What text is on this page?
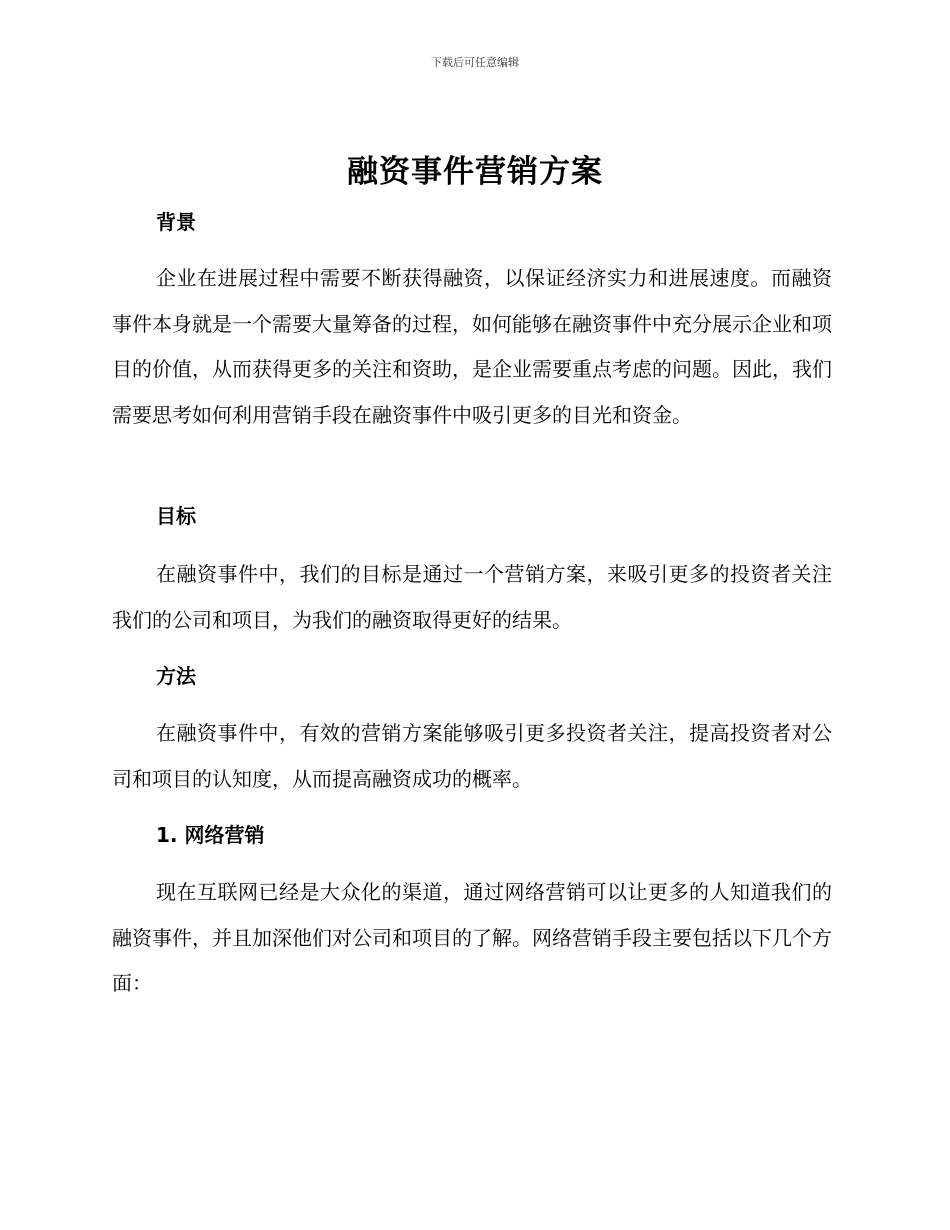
下载后可任意编辑
融资事件营销方案
背景

企业在进展过程中需要不断获得融资，以保证经济实力和进展速度。而融资事件本身就是一个需要大量筹备的过程，如何能够在融资事件中充分展示企业和项目的价值，从而获得更多的关注和资助，是企业需要重点考虑的问题。因此，我们需要思考如何利用营销手段在融资事件中吸引更多的目光和资金。

目标

在融资事件中，我们的目标是通过一个营销方案，来吸引更多的投资者关注我们的公司和项目，为我们的融资取得更好的结果。

方法

在融资事件中，有效的营销方案能够吸引更多投资者关注，提高投资者对公司和项目的认知度，从而提高融资成功的概率。

1. 网络营销

现在互联网已经是大众化的渠道，通过网络营销可以让更多的人知道我们的融资事件，并且加深他们对公司和项目的了解。网络营销手段主要包括以下几个方面：
